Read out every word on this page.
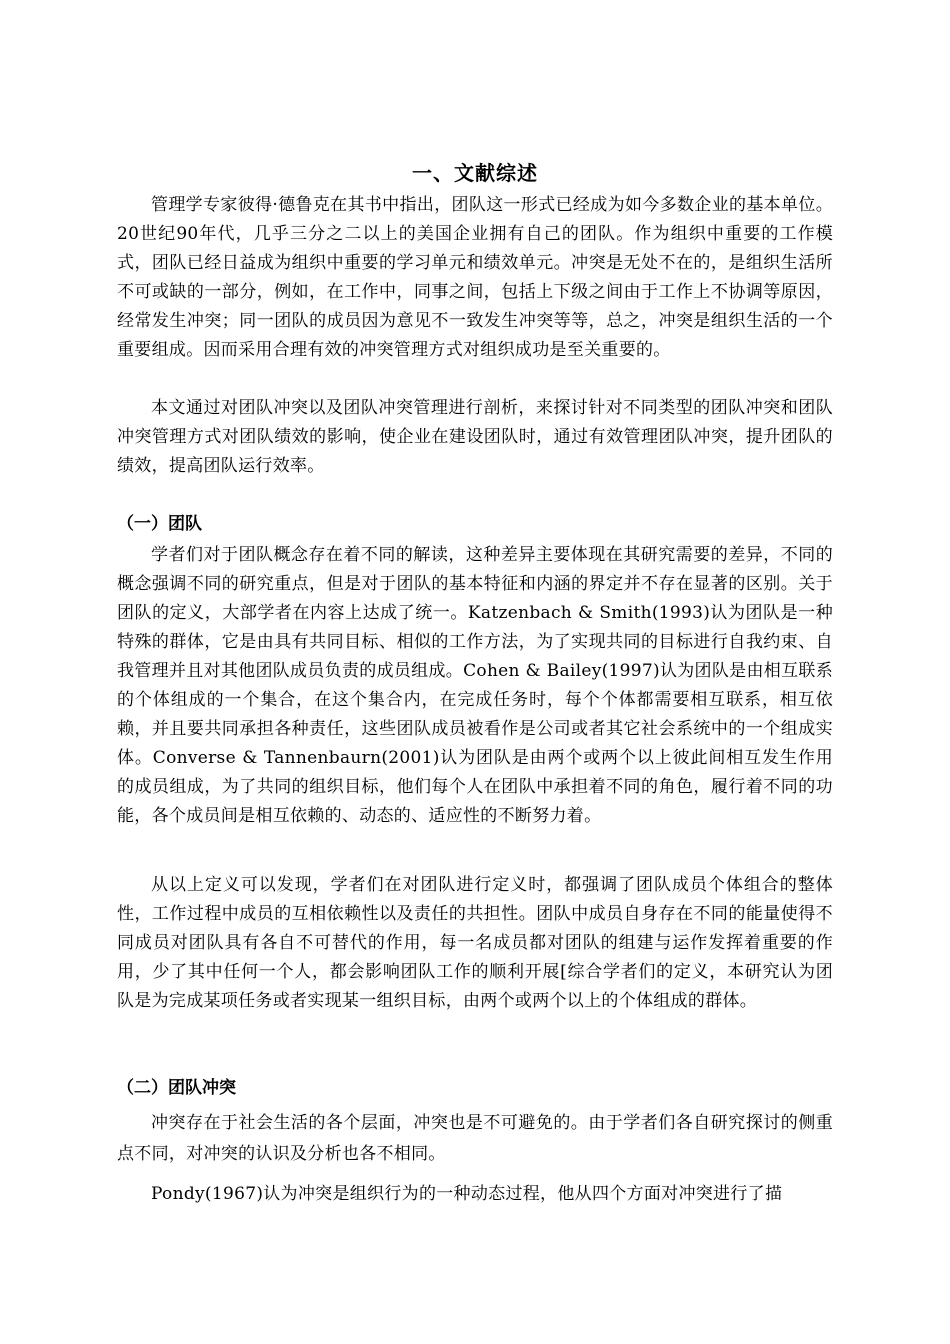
一、文献综述

管理学专家彼得·德鲁克在其书中指出，团队这一形式已经成为如今多数企业的基本单位。20世纪90年代，几乎三分之二以上的美国企业拥有自己的团队。作为组织中重要的工作模式，团队已经日益成为组织中重要的学习单元和绩效单元。冲突是无处不在的，是组织生活所不可或缺的一部分，例如，在工作中，同事之间，包括上下级之间由于工作上不协调等原因，经常发生冲突；同一团队的成员因为意见不一致发生冲突等等，总之，冲突是组织生活的一个重要组成。因而采用合理有效的冲突管理方式对组织成功是至关重要的。

本文通过对团队冲突以及团队冲突管理进行剖析，来探讨针对不同类型的团队冲突和团队冲突管理方式对团队绩效的影响，使企业在建设团队时，通过有效管理团队冲突，提升团队的绩效，提高团队运行效率。

（一）团队

学者们对于团队概念存在着不同的解读，这种差异主要体现在其研究需要的差异，不同的概念强调不同的研究重点，但是对于团队的基本特征和内涵的界定并不存在显著的区别。关于团队的定义，大部学者在内容上达成了统一。Katzenbach & Smith(1993)认为团队是一种特殊的群体，它是由具有共同目标、相似的工作方法，为了实现共同的目标进行自我约束、自我管理并且对其他团队成员负责的成员组成。Cohen & Bailey(1997)认为团队是由相互联系的个体组成的一个集合，在这个集合内，在完成任务时，每个个体都需要相互联系，相互依赖，并且要共同承担各种责任，这些团队成员被看作是公司或者其它社会系统中的一个组成实体。Converse & Tannenbaurn(2001)认为团队是由两个或两个以上彼此间相互发生作用的成员组成，为了共同的组织目标，他们每个人在团队中承担着不同的角色，履行着不同的功能，各个成员间是相互依赖的、动态的、适应性的不断努力着。

从以上定义可以发现，学者们在对团队进行定义时，都强调了团队成员个体组合的整体性，工作过程中成员的互相依赖性以及责任的共担性。团队中成员自身存在不同的能量使得不同成员对团队具有各自不可替代的作用，每一名成员都对团队的组建与运作发挥着重要的作用，少了其中任何一个人，都会影响团队工作的顺利开展[综合学者们的定义，本研究认为团队是为完成某项任务或者实现某一组织目标，由两个或两个以上的个体组成的群体。

（二）团队冲突

冲突存在于社会生活的各个层面，冲突也是不可避免的。由于学者们各自研究探讨的侧重点不同，对冲突的认识及分析也各不相同。

Pondy(1967)认为冲突是组织行为的一种动态过程，他从四个方面对冲突进行了描
